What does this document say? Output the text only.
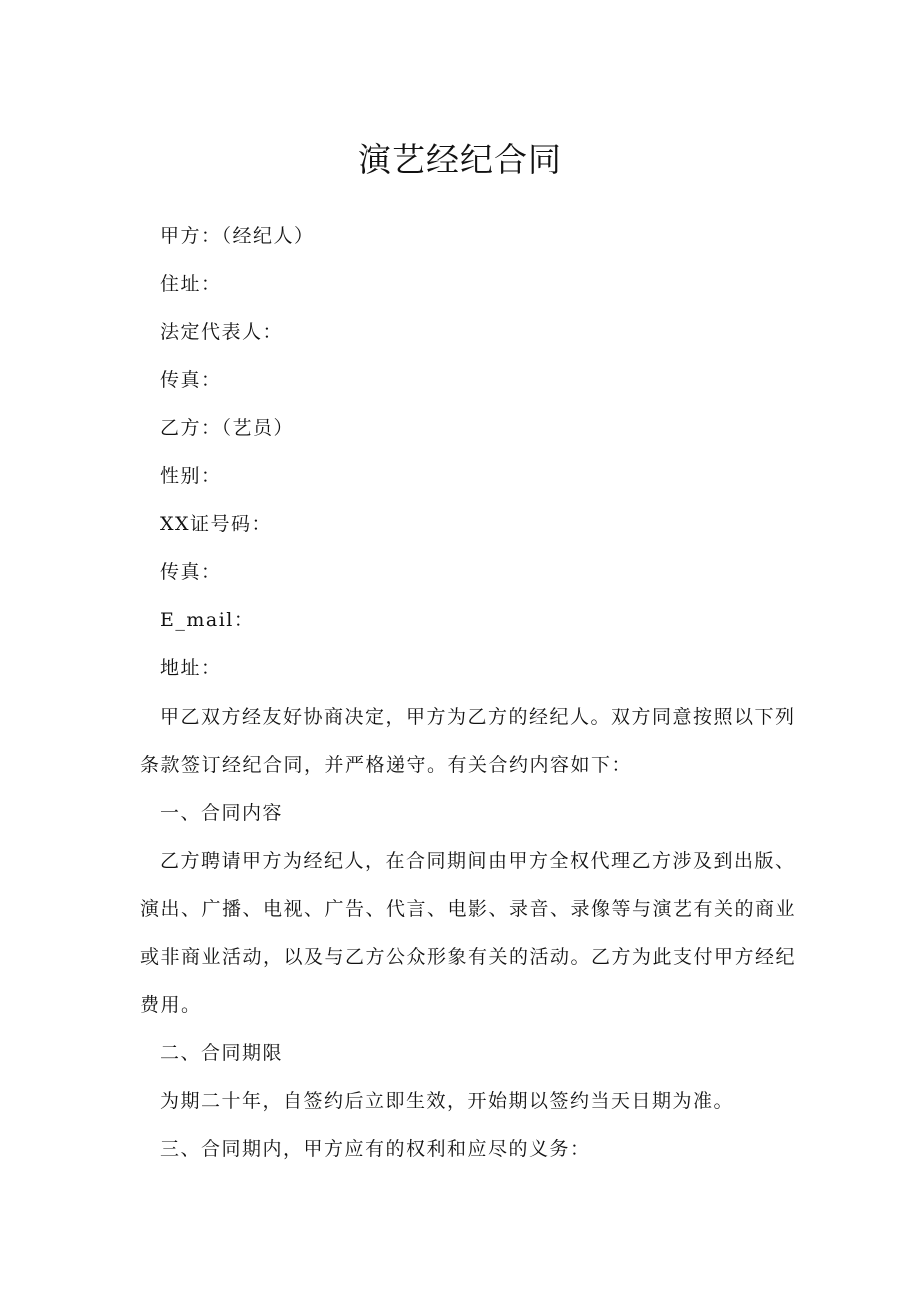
演艺经纪合同
甲方：（经纪人）
住址：
法定代表人：
传真：
乙方：（艺员）
性别：
XX证号码：
传真：
E_mail：
地址：
甲乙双方经友好协商决定，甲方为乙方的经纪人。双方同意按照以下列
条款签订经纪合同，并严格递守。有关合约内容如下：
一、合同内容
乙方聘请甲方为经纪人，在合同期间由甲方全权代理乙方涉及到出版、
演出、广播、电视、广告、代言、电影、录音、录像等与演艺有关的商业
或非商业活动，以及与乙方公众形象有关的活动。乙方为此支付甲方经纪
费用。
二、合同期限
为期二十年，自签约后立即生效，开始期以签约当天日期为准。
三、合同期内，甲方应有的权利和应尽的义务：
